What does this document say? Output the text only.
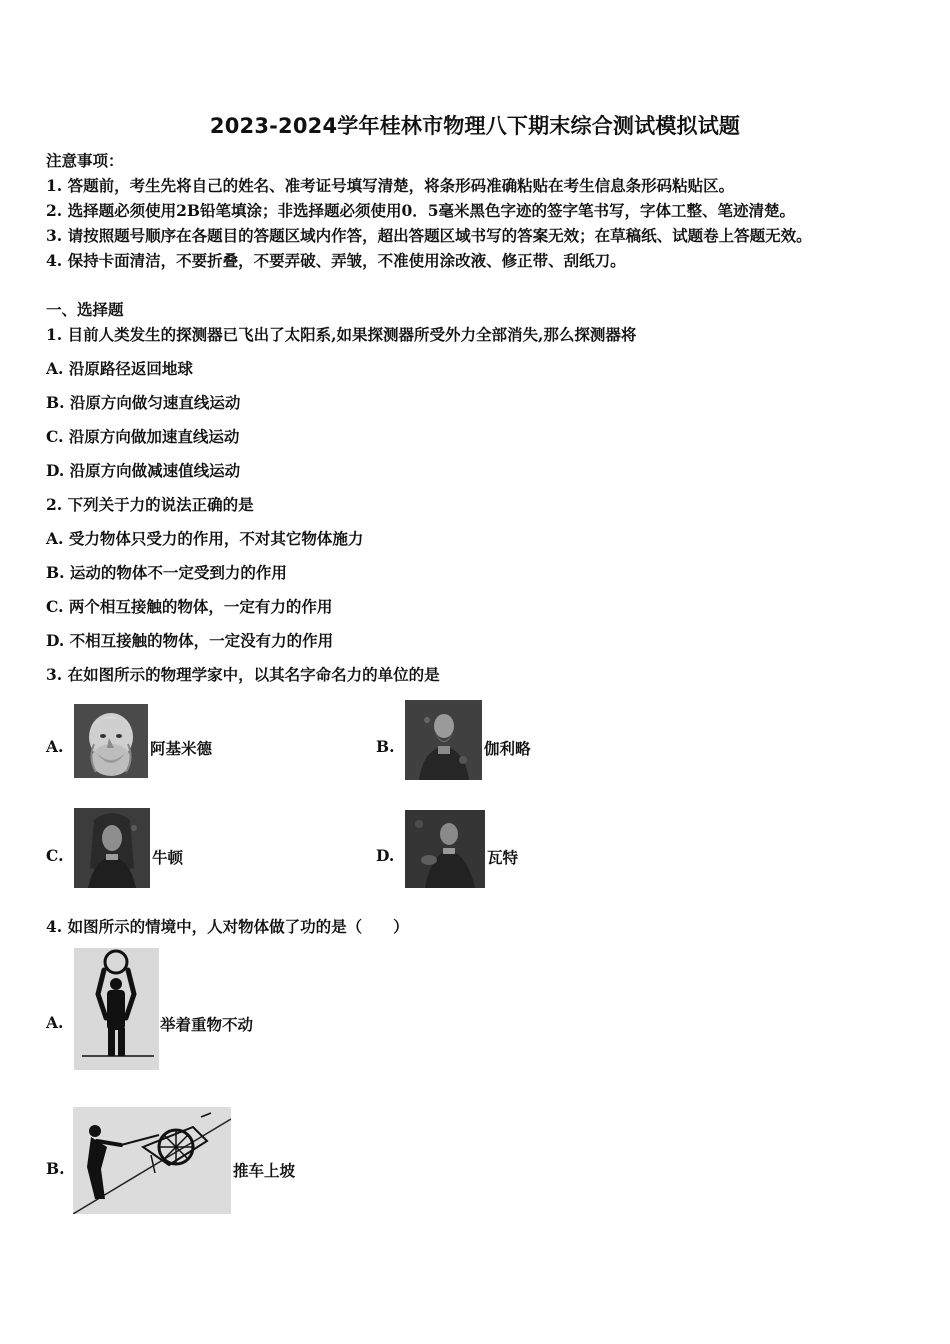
2023-2024学年桂林市物理八下期末综合测试模拟试题
注意事项：
1. 答题前，考生先将自己的姓名、准考证号填写清楚，将条形码准确粘贴在考生信息条形码粘贴区。
2. 选择题必须使用2B铅笔填涂；非选择题必须使用0．5毫米黑色字迹的签字笔书写，字体工整、笔迹清楚。
3. 请按照题号顺序在各题目的答题区域内作答，超出答题区域书写的答案无效；在草稿纸、试题卷上答题无效。
4. 保持卡面清洁，不要折叠，不要弄破、弄皱，不准使用涂改液、修正带、刮纸刀。
一、选择题
1. 目前人类发生的探测器已飞出了太阳系,如果探测器所受外力全部消失,那么探测器将
A. 沿原路径返回地球
B. 沿原方向做匀速直线运动
C. 沿原方向做加速直线运动
D. 沿原方向做减速值线运动
2. 下列关于力的说法正确的是
A. 受力物体只受力的作用，不对其它物体施力
B. 运动的物体不一定受到力的作用
C. 两个相互接触的物体，一定有力的作用
D. 不相互接触的物体，一定没有力的作用
3. 在如图所示的物理学家中，以其名字命名力的单位的是
A.	阿基米德	B.	伽利略
C.	牛顿	D.	瓦特
4. 如图所示的情境中，人对物体做了功的是（　　）
A.	举着重物不动
B.	推车上坡
